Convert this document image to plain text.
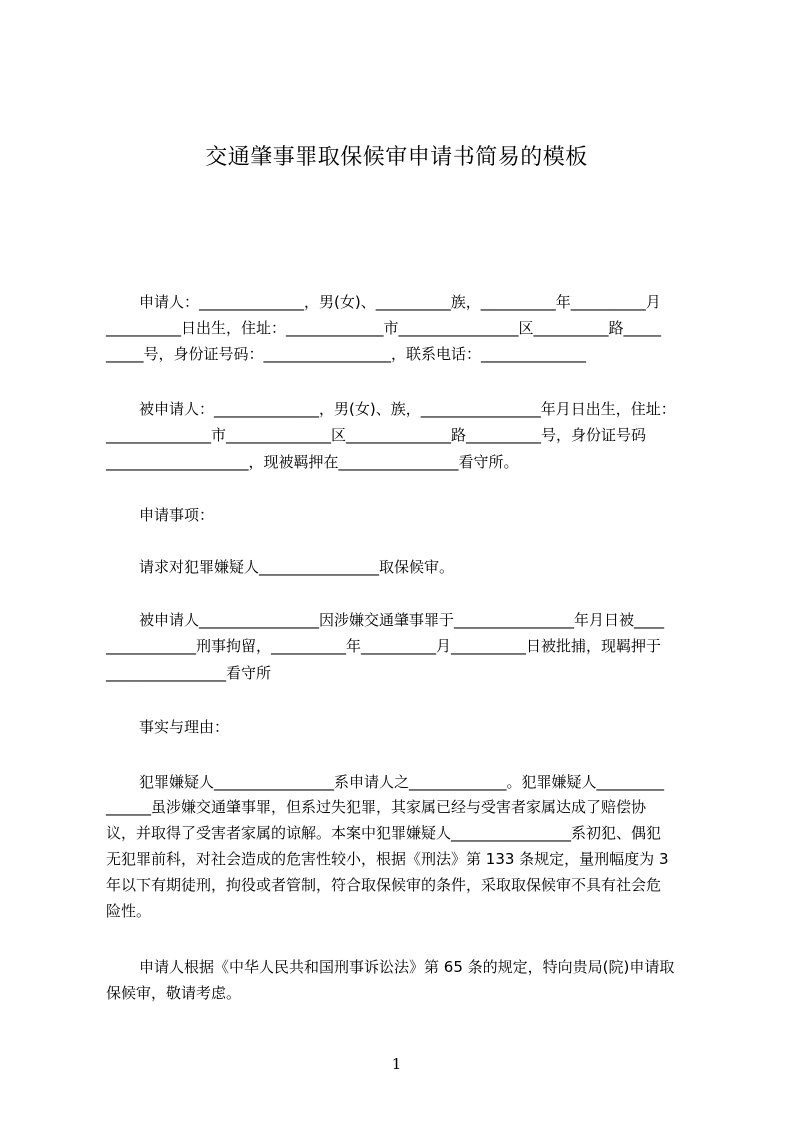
交通肇事罪取保候审申请书简易的模板
申请人：______________，男(女)、__________族，__________年__________月
__________日出生，住址：_____________市________________区__________路_____
_____号，身份证号码：_________________，联系电话：______________
被申请人：______________，男(女)、族，________________年月日出生，住址：
______________市______________区______________路__________号，身份证号码
___________________，现被羁押在________________看守所。
申请事项：
请求对犯罪嫌疑人________________取保候审。
被申请人________________因涉嫌交通肇事罪于________________年月日被____
____________刑事拘留，__________年__________月__________日被批捕，现羁押于
________________看守所
事实与理由：
犯罪嫌疑人________________系申请人之_____________。犯罪嫌疑人_________
______虽涉嫌交通肇事罪，但系过失犯罪，其家属已经与受害者家属达成了赔偿协
议，并取得了受害者家属的谅解。本案中犯罪嫌疑人________________系初犯、偶犯
无犯罪前科，对社会造成的危害性较小，根据《刑法》第 133 条规定，量刑幅度为 3
年以下有期徒刑，拘役或者管制，符合取保候审的条件，采取取保候审不具有社会危
险性。
申请人根据《中华人民共和国刑事诉讼法》第 65 条的规定，特向贵局(院)申请取
保候审，敬请考虑。
1
